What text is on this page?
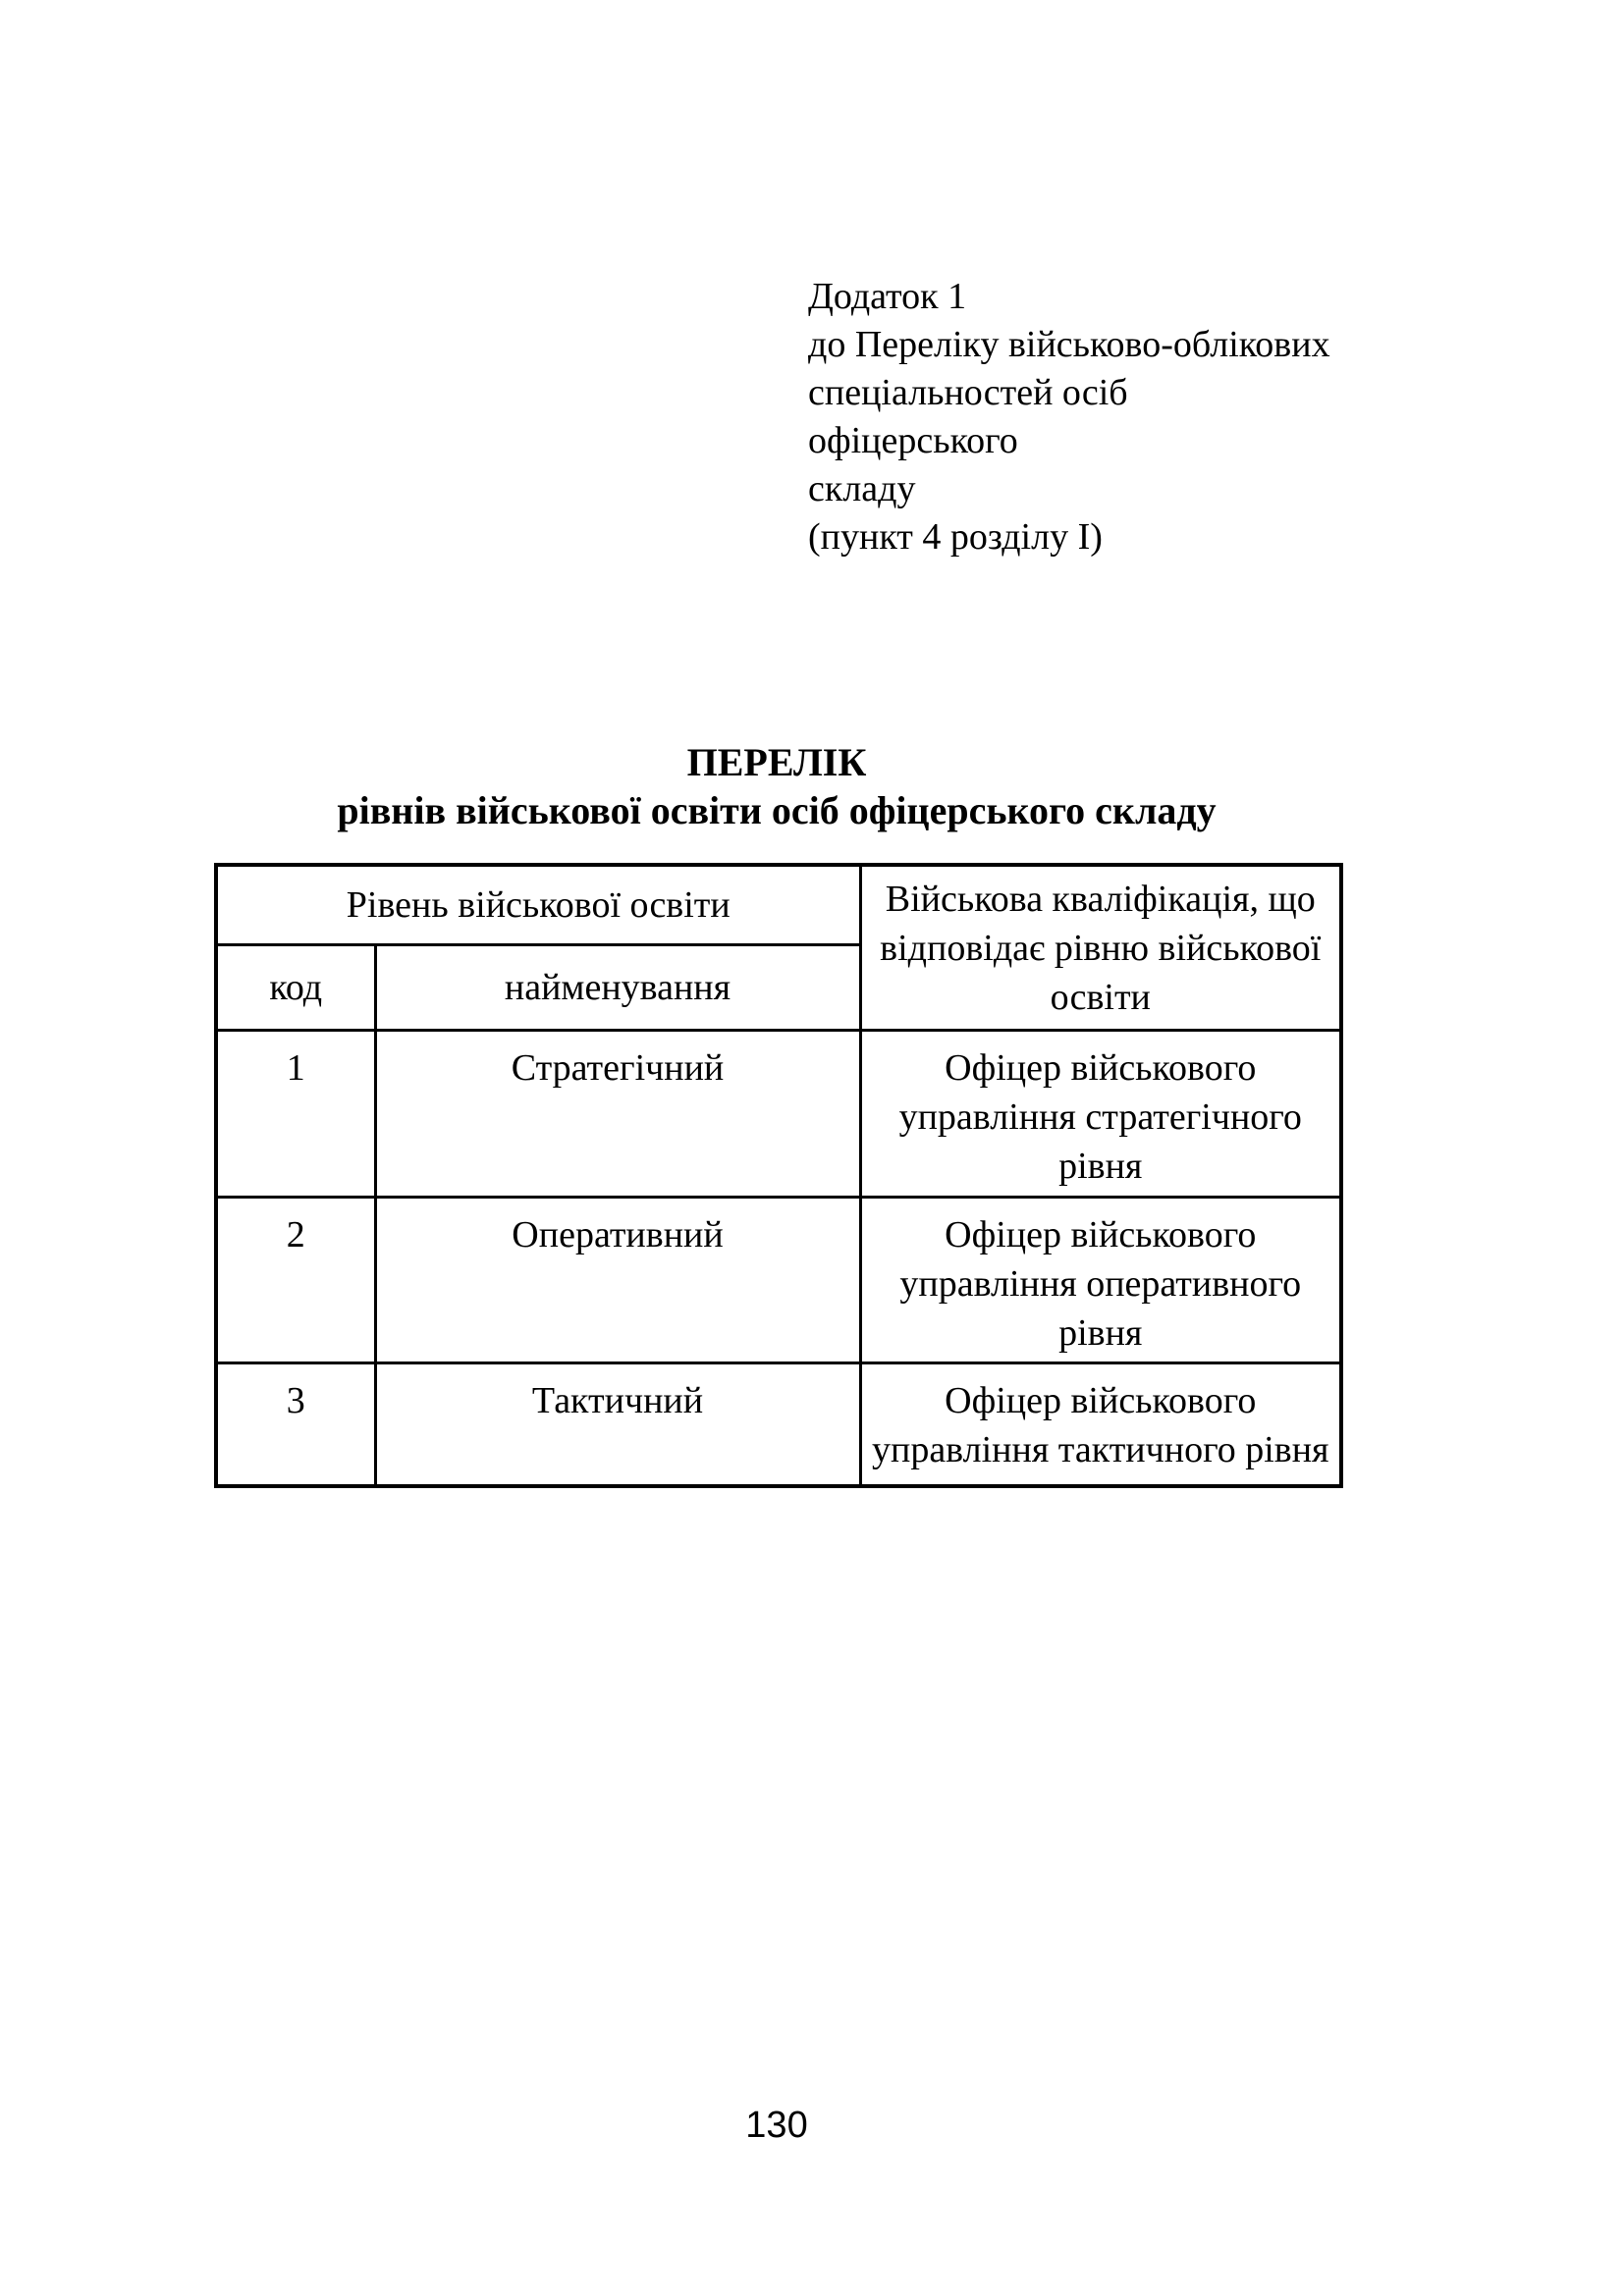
Додаток 1
до Переліку військово-облікових
спеціальностей осіб
офіцерського
складу
(пункт 4 розділу І)
ПЕРЕЛІК
рівнів військової освіти осіб офіцерського складу
Рівень військової освіти		Військова кваліфікація, що відповідає рівню військової освіти
код	найменування	
1	Стратегічний	Офіцер військового управління стратегічного рівня
2	Оперативний	Офіцер військового управління оперативного рівня
3	Тактичний	Офіцер військового управління тактичного рівня
130
